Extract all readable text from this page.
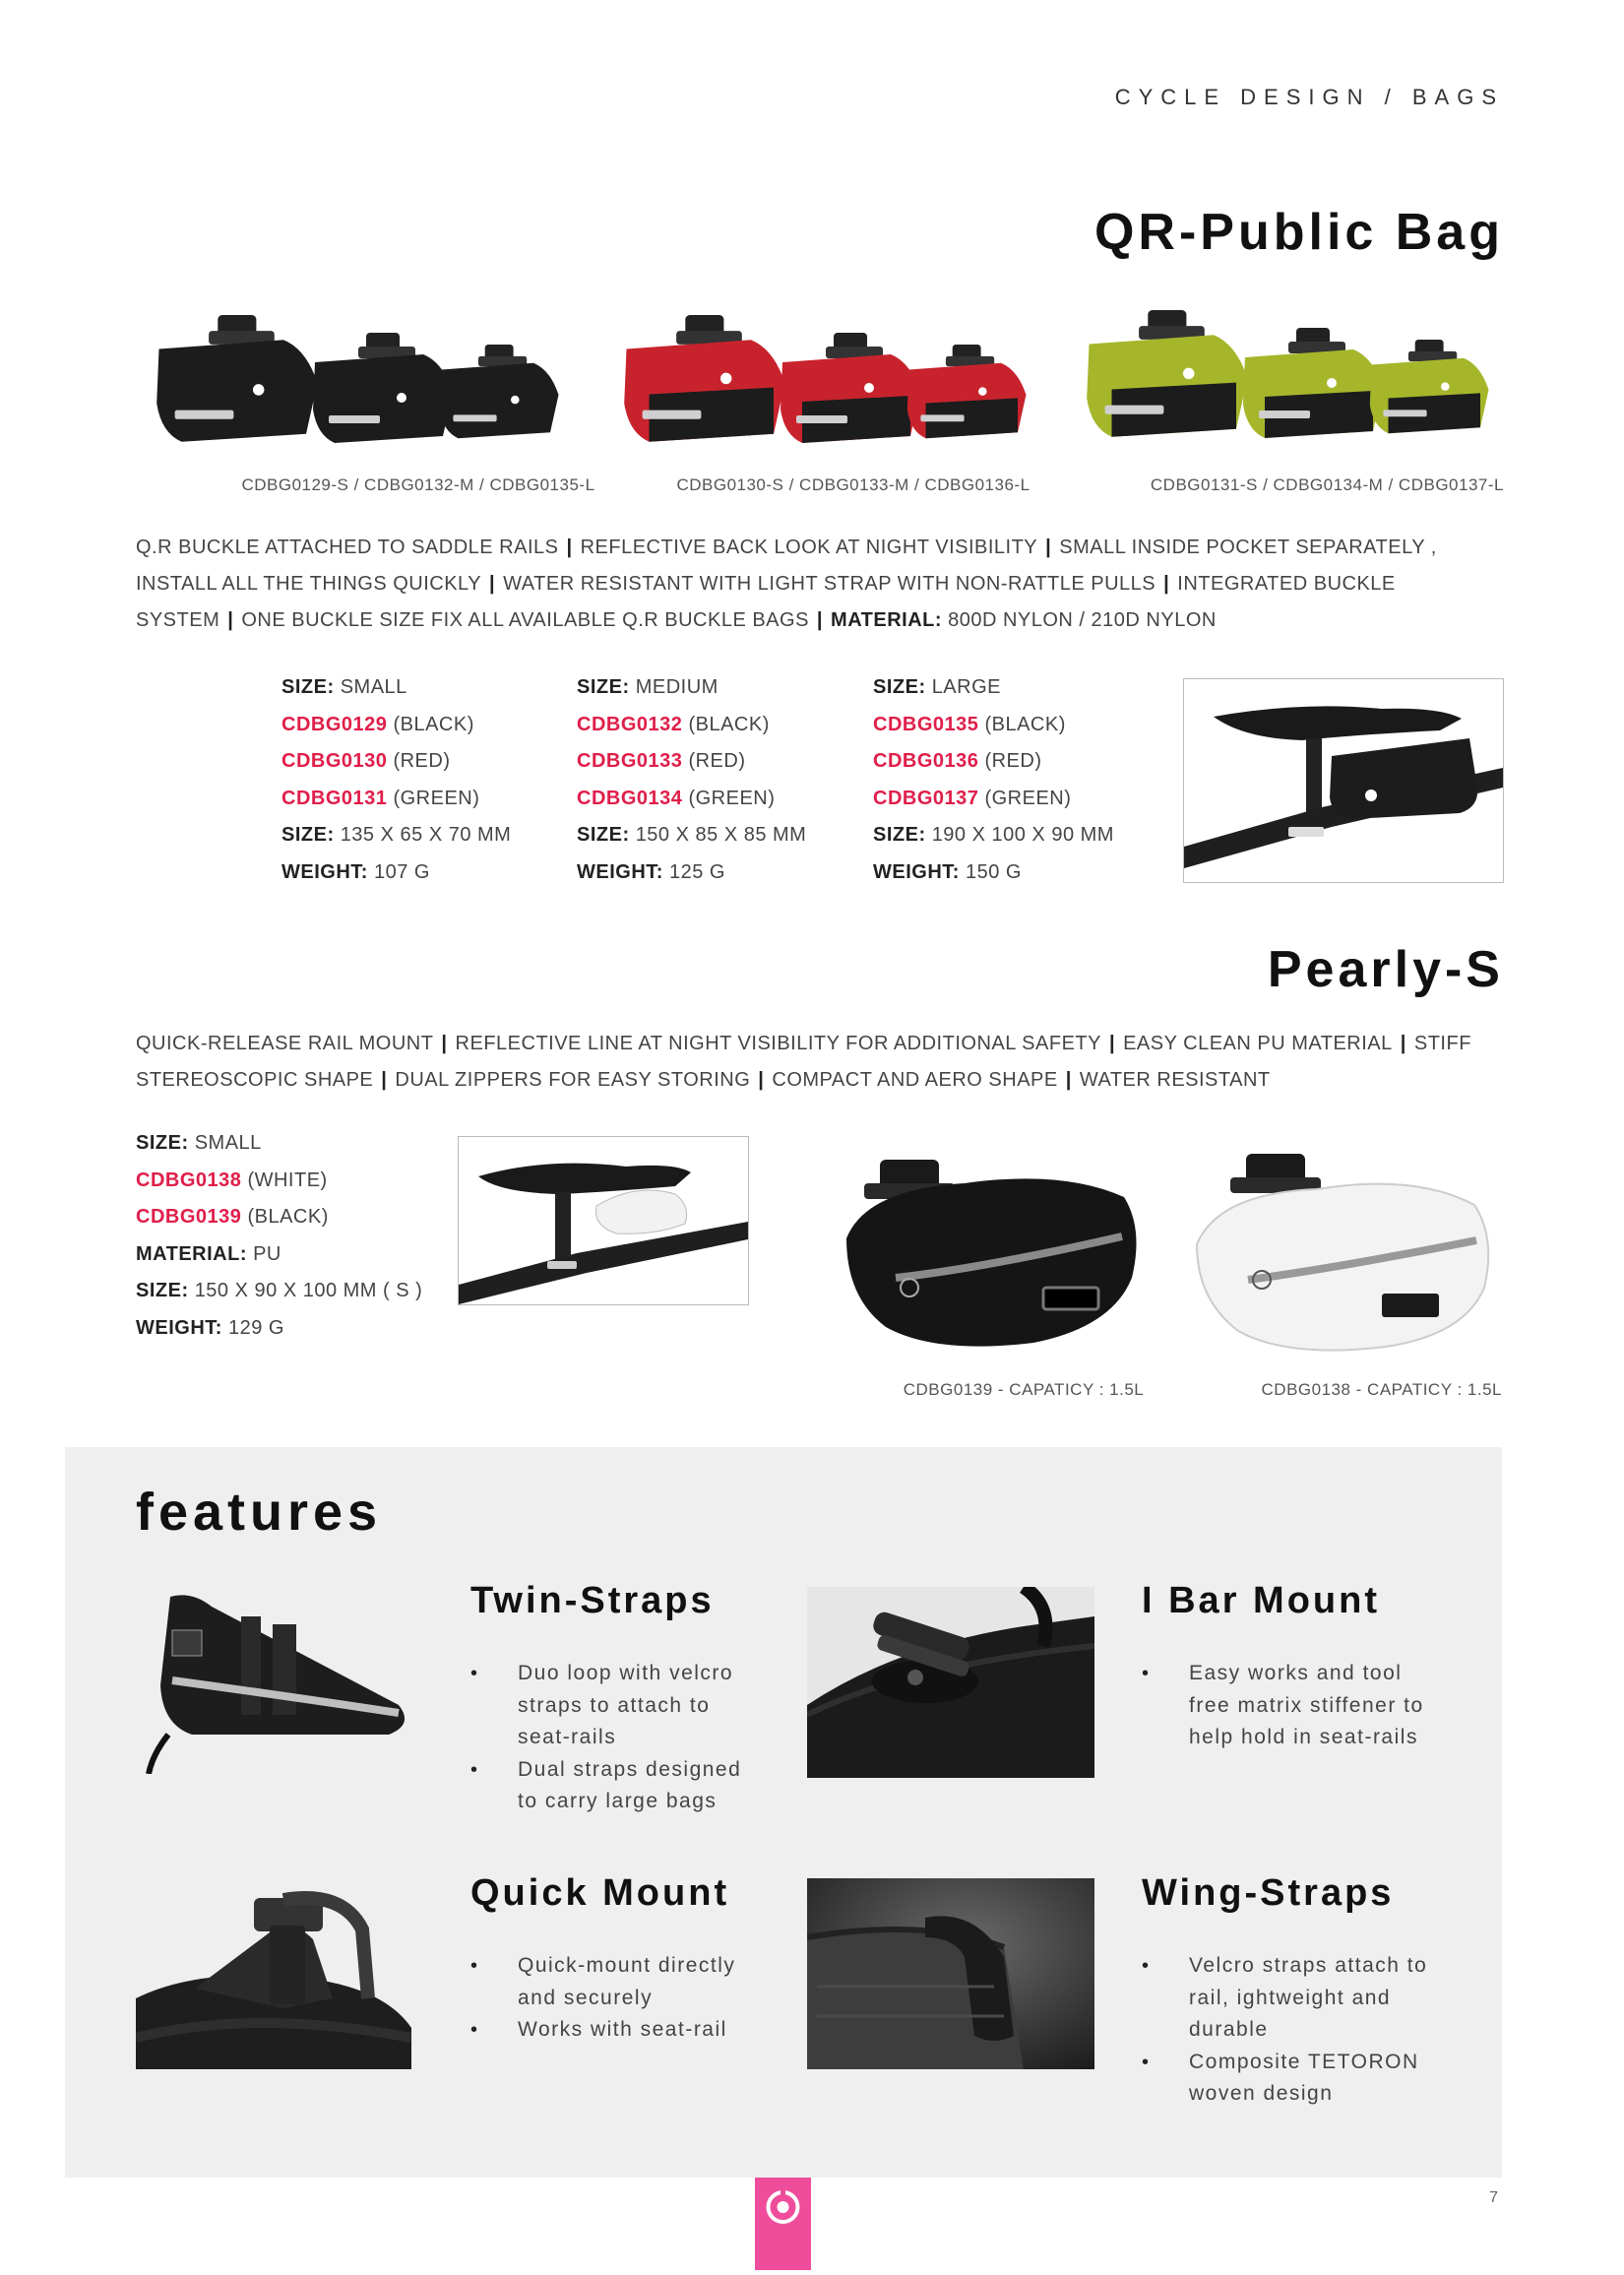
CYCLE DESIGN / BAGS
QR-Public Bag
CDBG0129-S / CDBG0132-M / CDBG0135-L	CDBG0130-S / CDBG0133-M / CDBG0136-L	CDBG0131-S / CDBG0134-M / CDBG0137-L
Q.R BUCKLE ATTACHED TO SADDLE RAILS | REFLECTIVE BACK LOOK AT NIGHT VISIBILITY | SMALL INSIDE POCKET SEPARATELY , INSTALL ALL THE THINGS QUICKLY | WATER RESISTANT WITH LIGHT STRAP WITH NON-RATTLE PULLS | INTEGRATED BUCKLE SYSTEM | ONE BUCKLE SIZE FIX ALL AVAILABLE Q.R BUCKLE BAGS | MATERIAL: 800D NYLON / 210D NYLON
SIZE: SMALL
CDBG0129 (BLACK)
CDBG0130 (RED)
CDBG0131 (GREEN)
SIZE: 135 X 65 X 70 MM
WEIGHT: 107 G
SIZE: MEDIUM
CDBG0132 (BLACK)
CDBG0133 (RED)
CDBG0134 (GREEN)
SIZE: 150 X 85 X 85 MM
WEIGHT: 125 G
SIZE: LARGE
CDBG0135 (BLACK)
CDBG0136 (RED)
CDBG0137 (GREEN)
SIZE: 190 X 100 X 90 MM
WEIGHT: 150 G
Pearly-S
QUICK-RELEASE RAIL MOUNT | REFLECTIVE LINE AT NIGHT VISIBILITY FOR ADDITIONAL SAFETY | EASY CLEAN PU MATERIAL | STIFF STEREOSCOPIC SHAPE | DUAL ZIPPERS FOR EASY STORING | COMPACT AND AERO SHAPE | WATER RESISTANT
SIZE: SMALL
CDBG0138 (WHITE)
CDBG0139 (BLACK)
MATERIAL: PU
SIZE: 150 X 90 X 100 MM ( S )
WEIGHT: 129 G
CDBG0139 - CAPATICY : 1.5L	CDBG0138 - CAPATICY : 1.5L
features
Twin-Straps
• Duo loop with velcro straps to attach to seat-rails
• Dual straps designed to carry large bags
I Bar Mount
• Easy works and tool free matrix stiffener to help hold in seat-rails
Quick Mount
• Quick-mount directly and securely
• Works with seat-rail
Wing-Straps
• Velcro straps attach to rail, ightweight and durable
• Composite TETORON woven design
7
